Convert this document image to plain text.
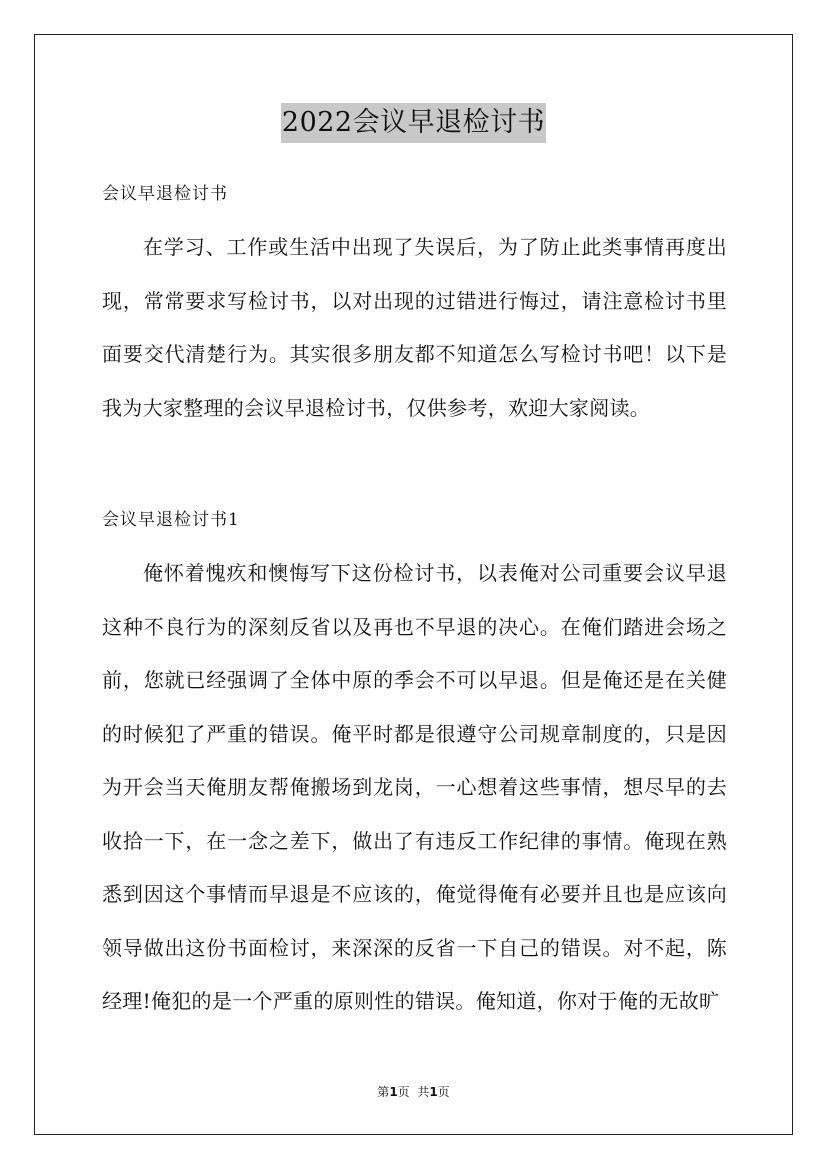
2022会议早退检讨书
会议早退检讨书
在学习、工作或生活中出现了失误后，为了防止此类事情再度出现，常常要求写检讨书，以对出现的过错进行悔过，请注意检讨书里面要交代清楚行为。其实很多朋友都不知道怎么写检讨书吧！以下是我为大家整理的会议早退检讨书，仅供参考，欢迎大家阅读。
会议早退检讨书1
俺怀着愧疚和懊悔写下这份检讨书，以表俺对公司重要会议早退这种不良行为的深刻反省以及再也不早退的决心。在俺们踏进会场之前，您就已经强调了全体中原的季会不可以早退。但是俺还是在关健的时候犯了严重的错误。俺平时都是很遵守公司规章制度的，只是因为开会当天俺朋友帮俺搬场到龙岗，一心想着这些事情，想尽早的去收拾一下，在一念之差下，做出了有违反工作纪律的事情。俺现在熟悉到因这个事情而早退是不应该的，俺觉得俺有必要并且也是应该向领导做出这份书面检讨，来深深的反省一下自己的错误。对不起，陈经理!俺犯的是一个严重的原则性的错误。俺知道，你对于俺的无故旷
第1页  共1页
